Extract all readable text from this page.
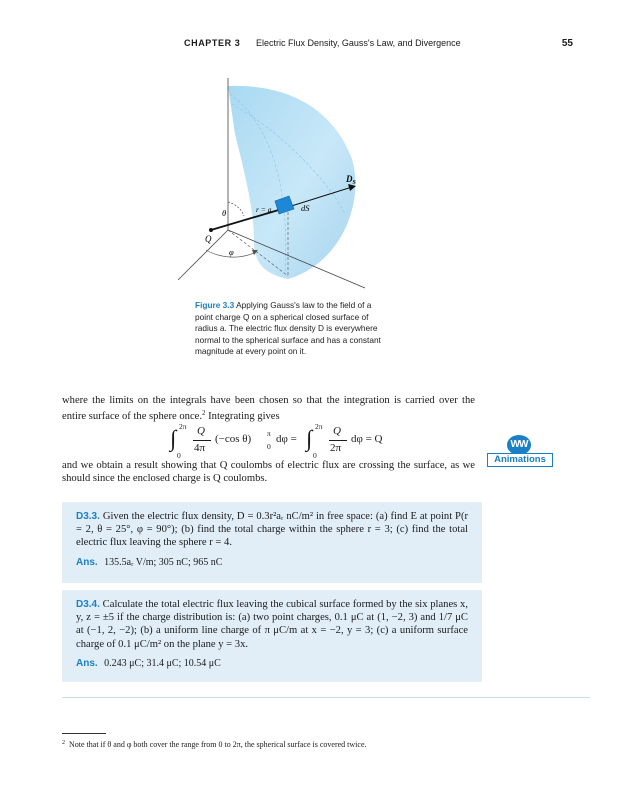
CHAPTER 3 Electric Flux Density, Gauss's Law, and Divergence	55
$D_S$
dS
r = a
θ
Q
φ
Figure 3.3 Applying Gauss's law to the field of a point charge Q on a spherical closed surface of radius a. The electric flux density D is everywhere normal to the spherical surface and has a constant magnitude at every point on it.

where the limits on the integrals have been chosen so that the integration is carried over the entire surface of the sphere once.$^2$ Integrating gives

∫ 2π
0
Q
4π
(−cos θ) π
0
dφ = ∫ 2π
0
Q
2π
dφ = Q	WW
Animations

and we obtain a result showing that Q coulombs of electric flux are crossing the surface, as we should since the enclosed charge is Q coulombs.

D3.3. Given the electric flux density, D = 0.3r²aᵣ nC/m² in free space: (a) find E at point P(r = 2, θ = 25°, φ = 90°); (b) find the total charge within the sphere r = 3; (c) find the total electric flux leaving the sphere r = 4.
Ans. 135.5aᵣ V/m; 305 nC; 965 nC
D3.4. Calculate the total electric flux leaving the cubical surface formed by the six planes x, y, z = ±5 if the charge distribution is: (a) two point charges, 0.1 μC at (1, −2, 3) and 1/7 μC at (−1, 2, −2); (b) a uniform line charge of π μC/m at x = −2, y = 3; (c) a uniform surface charge of 0.1 μC/m² on the plane y = 3x.
Ans. 0.243 μC; 31.4 μC; 10.54 μC
$^2$ Note that if θ and φ both cover the range from 0 to 2π, the spherical surface is covered twice.
